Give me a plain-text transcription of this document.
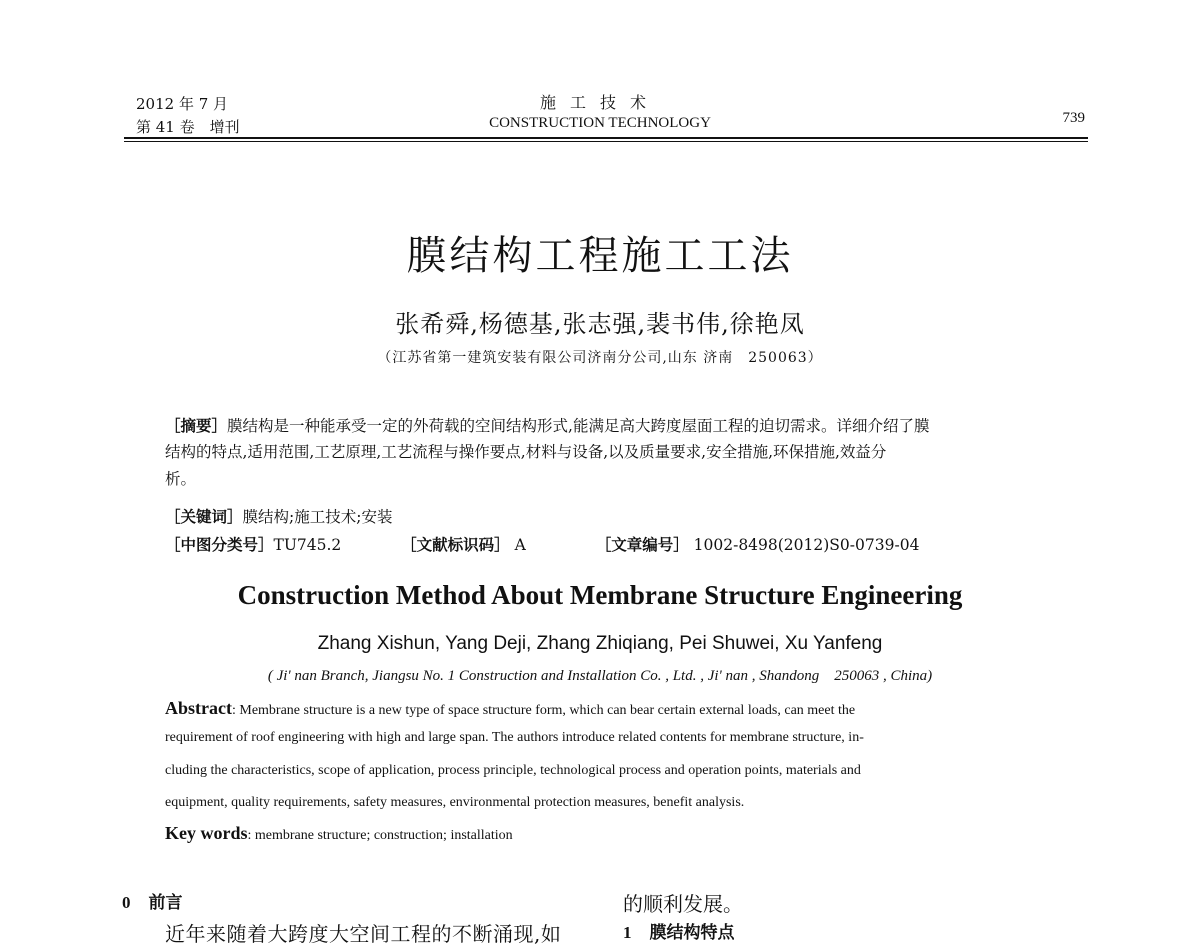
2012 年 7 月
第 41 卷　增刊
施工技术
CONSTRUCTION TECHNOLOGY	739
膜结构工程施工工法
张希舜,杨德基,张志强,裴书伟,徐艳凤
（江苏省第一建筑安装有限公司济南分公司,山东 济南　250063）
［摘要］膜结构是一种能承受一定的外荷载的空间结构形式,能满足高大跨度屋面工程的迫切需求。详细介绍了膜
结构的特点,适用范围,工艺原理,工艺流程与操作要点,材料与设备,以及质量要求,安全措施,环保措施,效益分
析。
［关键词］膜结构;施工技术;安装
［中图分类号］TU745.2	［文献标识码］ A	［文章编号］ 1002-8498(2012)S0-0739-04
Construction Method About Membrane Structure Engineering
Zhang Xishun, Yang Deji, Zhang Zhiqiang, Pei Shuwei, Xu Yanfeng
( Ji' nan Branch, Jiangsu No. 1 Construction and Installation Co. , Ltd. , Ji' nan , Shandong　250063 , China)
Abstract: Membrane structure is a new type of space structure form, which can bear certain external loads, can meet the
requirement of roof engineering with high and large span. The authors introduce related contents for membrane structure, in-
cluding the characteristics, scope of application, process principle, technological process and operation points, materials and
equipment, quality requirements, safety measures, environmental protection measures, benefit analysis.
Key words: membrane structure; construction; installation
0 前言
近年来随着大跨度大空间工程的不断涌现,如
的顺利发展。
1 膜结构特点
